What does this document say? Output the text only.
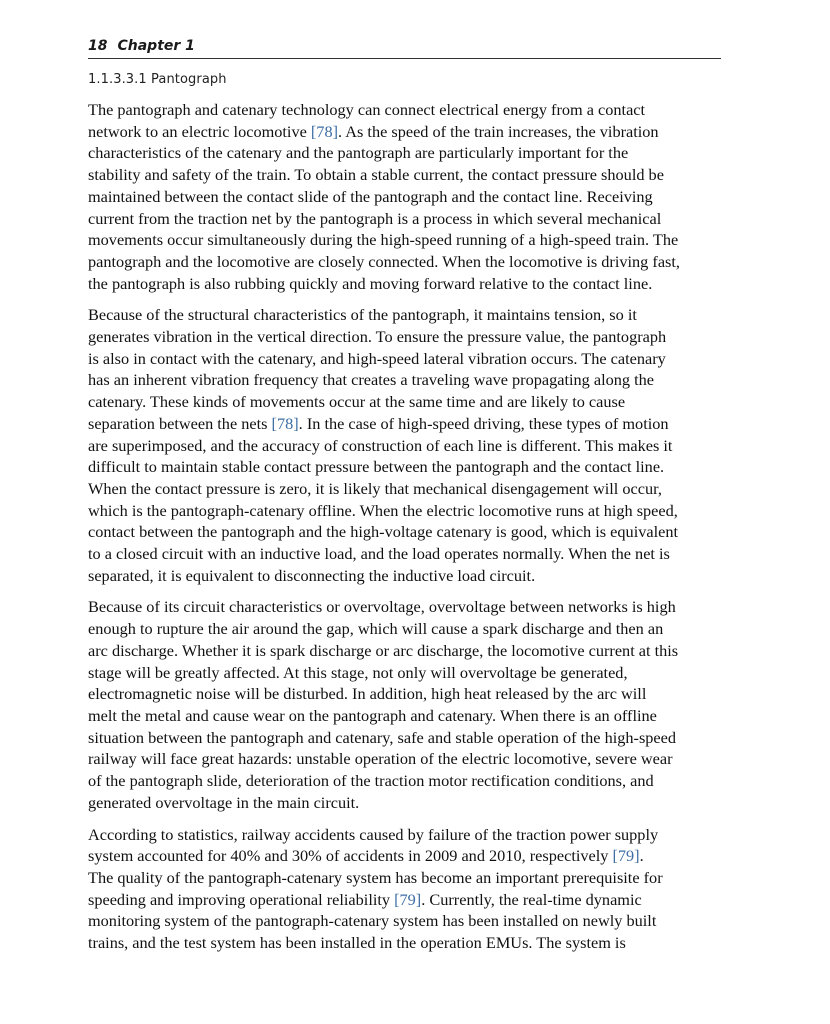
18 Chapter 1
1.1.3.3.1 Pantograph

The pantograph and catenary technology can connect electrical energy from a contact
network to an electric locomotive [78]. As the speed of the train increases, the vibration
characteristics of the catenary and the pantograph are particularly important for the
stability and safety of the train. To obtain a stable current, the contact pressure should be
maintained between the contact slide of the pantograph and the contact line. Receiving
current from the traction net by the pantograph is a process in which several mechanical
movements occur simultaneously during the high-speed running of a high-speed train. The
pantograph and the locomotive are closely connected. When the locomotive is driving fast,
the pantograph is also rubbing quickly and moving forward relative to the contact line.

Because of the structural characteristics of the pantograph, it maintains tension, so it
generates vibration in the vertical direction. To ensure the pressure value, the pantograph
is also in contact with the catenary, and high-speed lateral vibration occurs. The catenary
has an inherent vibration frequency that creates a traveling wave propagating along the
catenary. These kinds of movements occur at the same time and are likely to cause
separation between the nets [78]. In the case of high-speed driving, these types of motion
are superimposed, and the accuracy of construction of each line is different. This makes it
difficult to maintain stable contact pressure between the pantograph and the contact line.
When the contact pressure is zero, it is likely that mechanical disengagement will occur,
which is the pantograph-catenary offline. When the electric locomotive runs at high speed,
contact between the pantograph and the high-voltage catenary is good, which is equivalent
to a closed circuit with an inductive load, and the load operates normally. When the net is
separated, it is equivalent to disconnecting the inductive load circuit.

Because of its circuit characteristics or overvoltage, overvoltage between networks is high
enough to rupture the air around the gap, which will cause a spark discharge and then an
arc discharge. Whether it is spark discharge or arc discharge, the locomotive current at this
stage will be greatly affected. At this stage, not only will overvoltage be generated,
electromagnetic noise will be disturbed. In addition, high heat released by the arc will
melt the metal and cause wear on the pantograph and catenary. When there is an offline
situation between the pantograph and catenary, safe and stable operation of the high-speed
railway will face great hazards: unstable operation of the electric locomotive, severe wear
of the pantograph slide, deterioration of the traction motor rectification conditions, and
generated overvoltage in the main circuit.

According to statistics, railway accidents caused by failure of the traction power supply
system accounted for 40% and 30% of accidents in 2009 and 2010, respectively [79].
The quality of the pantograph-catenary system has become an important prerequisite for
speeding and improving operational reliability [79]. Currently, the real-time dynamic
monitoring system of the pantograph-catenary system has been installed on newly built
trains, and the test system has been installed in the operation EMUs. The system is
